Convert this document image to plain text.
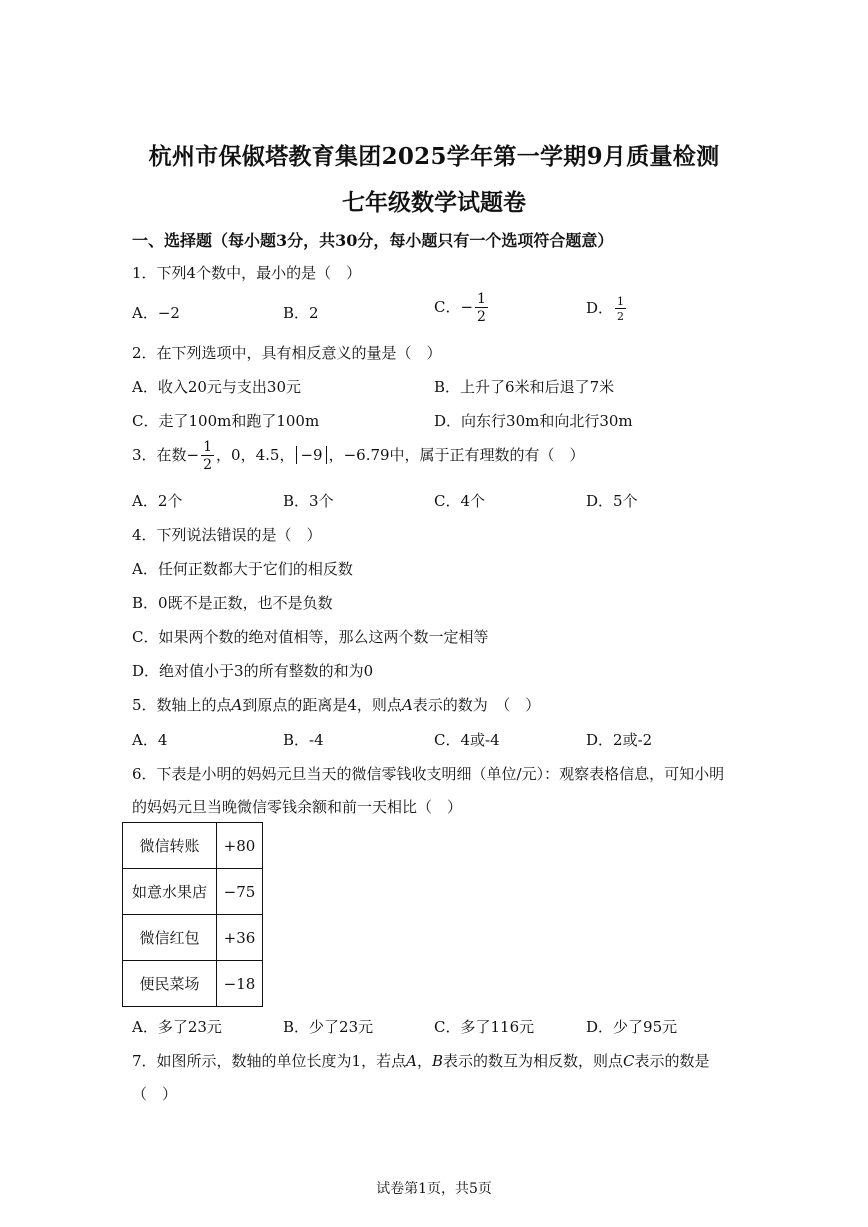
杭州市保俶塔教育集团2025学年第一学期9月质量检测
七年级数学试题卷
一、选择题（每小题3分，共30分，每小题只有一个选项符合题意）
1．下列4个数中，最小的是（　）
A．−2	B．2	C．− $\frac{1}{2}$	D． $\frac{1}{2}$
2．在下列选项中，具有相反意义的量是（　）
A．收入20元与支出30元	B．上升了6米和后退了7米
C．走了100m和跑了100m	D．向东行30m和向北行30m
3．在数− $\frac{1}{2}$ ，0，4.5， −9 ，−6.79中，属于正有理数的有（　）
A．2个	B．3个	C．4个	D．5个
4．下列说法错误的是（　）
A．任何正数都大于它们的相反数
B．0既不是正数，也不是负数
C．如果两个数的绝对值相等，那么这两个数一定相等
D．绝对值小于3的所有整数的和为0
5．数轴上的点A到原点的距离是4，则点A表示的数为　（　）
A．4	B．-4	C．4或-4	D．2或-2
6．下表是小明的妈妈元旦当天的微信零钱收支明细（单位/元）：观察表格信息，可知小明
的妈妈元旦当晚微信零钱余额和前一天相比（　）
微信转账	+80
如意水果店	−75
微信红包	+36
便民菜场	−18
A．多了23元	B．少了23元	C．多了116元	D．少了95元
7．如图所示，数轴的单位长度为1，若点A，B表示的数互为相反数，则点C表示的数是
（　）
试卷第1页，共5页
